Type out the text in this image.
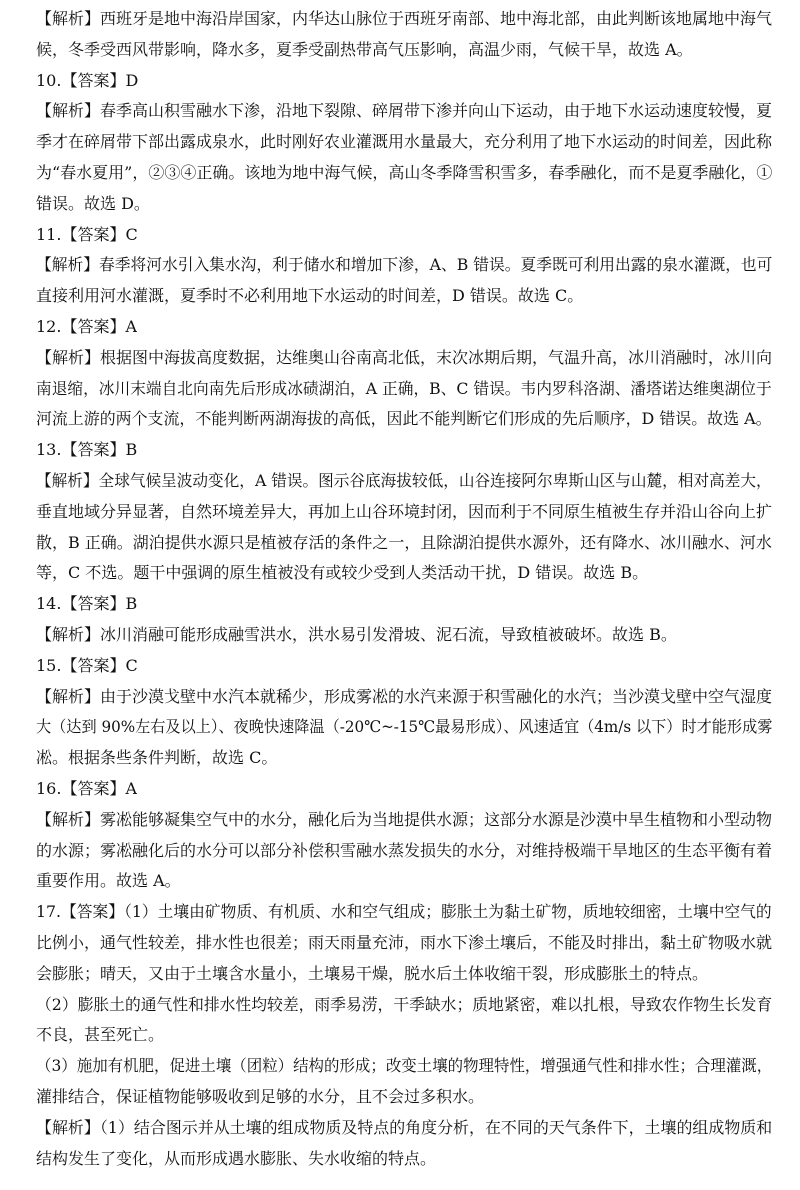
【解析】西班牙是地中海沿岸国家，内华达山脉位于西班牙南部、地中海北部，由此判断该地属地中海气
候，冬季受西风带影响，降水多，夏季受副热带高气压影响，高温少雨，气候干旱，故选 A。
10.【答案】D
【解析】春季高山积雪融水下渗，沿地下裂隙、碎屑带下渗并向山下运动，由于地下水运动速度较慢，夏
季才在碎屑带下部出露成泉水，此时刚好农业灌溉用水量最大，充分利用了地下水运动的时间差，因此称
为“春水夏用”，②③④正确。该地为地中海气候，高山冬季降雪积雪多，春季融化，而不是夏季融化，①
错误。故选 D。
11.【答案】C
【解析】春季将河水引入集水沟，利于储水和增加下渗，A、B 错误。夏季既可利用出露的泉水灌溉，也可
直接利用河水灌溉，夏季时不必利用地下水运动的时间差，D 错误。故选 C。
12.【答案】A
【解析】根据图中海拔高度数据，达维奥山谷南高北低，末次冰期后期，气温升高，冰川消融时，冰川向
南退缩，冰川末端自北向南先后形成冰碛湖泊，A 正确，B、C 错误。韦内罗科洛湖、潘塔诺达维奥湖位于
河流上游的两个支流，不能判断两湖海拔的高低，因此不能判断它们形成的先后顺序，D 错误。故选 A。
13.【答案】B
【解析】全球气候呈波动变化，A 错误。图示谷底海拔较低，山谷连接阿尔卑斯山区与山麓，相对高差大，
垂直地域分异显著，自然环境差异大，再加上山谷环境封闭，因而利于不同原生植被生存并沿山谷向上扩
散，B 正确。湖泊提供水源只是植被存活的条件之一，且除湖泊提供水源外，还有降水、冰川融水、河水
等，C 不选。题干中强调的原生植被没有或较少受到人类活动干扰，D 错误。故选 B。
14.【答案】B
【解析】冰川消融可能形成融雪洪水，洪水易引发滑坡、泥石流，导致植被破坏。故选 B。
15.【答案】C
【解析】由于沙漠戈壁中水汽本就稀少，形成雾凇的水汽来源于积雪融化的水汽；当沙漠戈壁中空气湿度
大（达到 90%左右及以上）、夜晚快速降温（-20℃~-15℃最易形成）、风速适宜（4m/s 以下）时才能形成雾
凇。根据条些条件判断，故选 C。
16.【答案】A
【解析】雾凇能够凝集空气中的水分，融化后为当地提供水源；这部分水源是沙漠中旱生植物和小型动物
的水源；雾凇融化后的水分可以部分补偿积雪融水蒸发损失的水分，对维持极端干旱地区的生态平衡有着
重要作用。故选 A。
17.【答案】（1）土壤由矿物质、有机质、水和空气组成；膨胀土为黏土矿物，质地较细密，土壤中空气的
比例小，通气性较差，排水性也很差；雨天雨量充沛，雨水下渗土壤后，不能及时排出，黏土矿物吸水就
会膨胀；晴天，又由于土壤含水量小，土壤易干燥，脱水后土体收缩干裂，形成膨胀土的特点。
（2）膨胀土的通气性和排水性均较差，雨季易涝，干季缺水；质地紧密，难以扎根，导致农作物生长发育
不良，甚至死亡。
（3）施加有机肥，促进土壤（团粒）结构的形成；改变土壤的物理特性，增强通气性和排水性；合理灌溉，
灌排结合，保证植物能够吸收到足够的水分，且不会过多积水。
【解析】（1）结合图示并从土壤的组成物质及特点的角度分析，在不同的天气条件下，土壤的组成物质和
结构发生了变化，从而形成遇水膨胀、失水收缩的特点。
